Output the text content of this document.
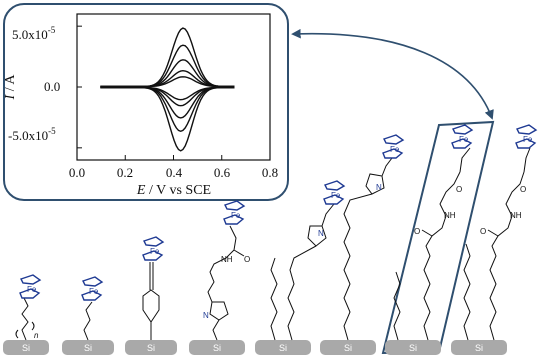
0.0 0.2	0.4 0.6 0.8
$5.0x10^{-5}$
0.0
$-5.0x10^{-5}$
E / V vs SCE
I / A
Si	Si	Si	Si	Si	Si	Si	Si
Fe
n
Fe
Fe
Fe
NH O
N
Fe
N
Fe
N
Fe
NH
O
O
Fe
NH
O
O
